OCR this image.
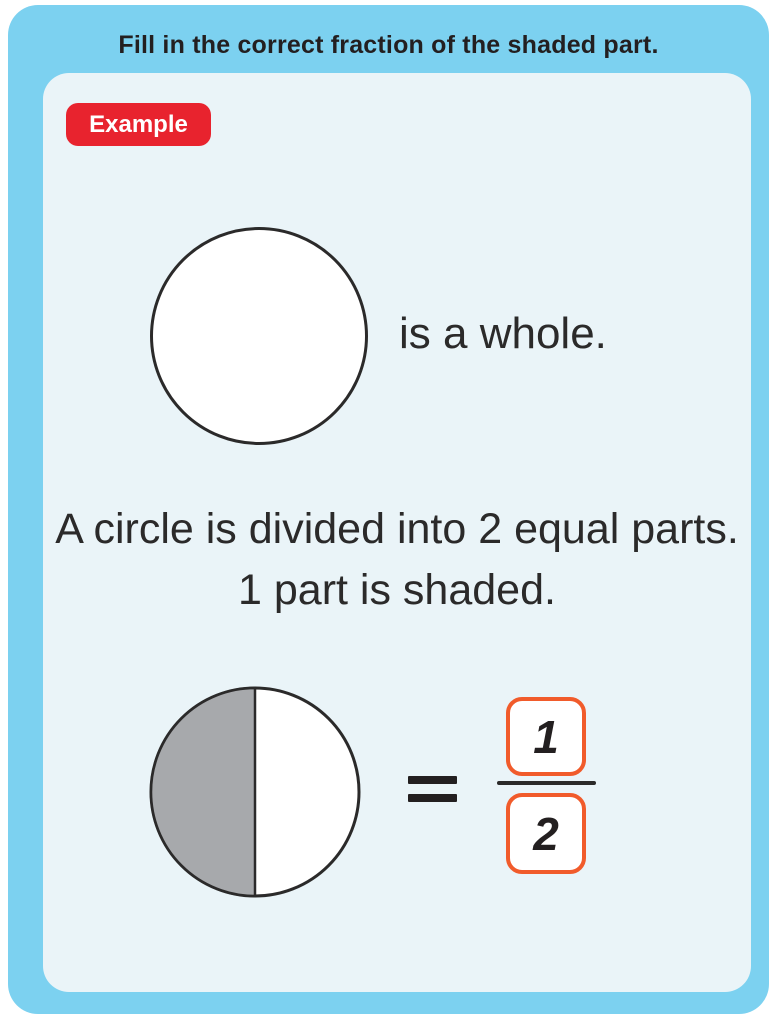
Fill in the correct fraction of the shaded part.
Example
is a whole.
A circle is divided into 2 equal parts.
1 part is shaded.
$\frac{1}{2}$
